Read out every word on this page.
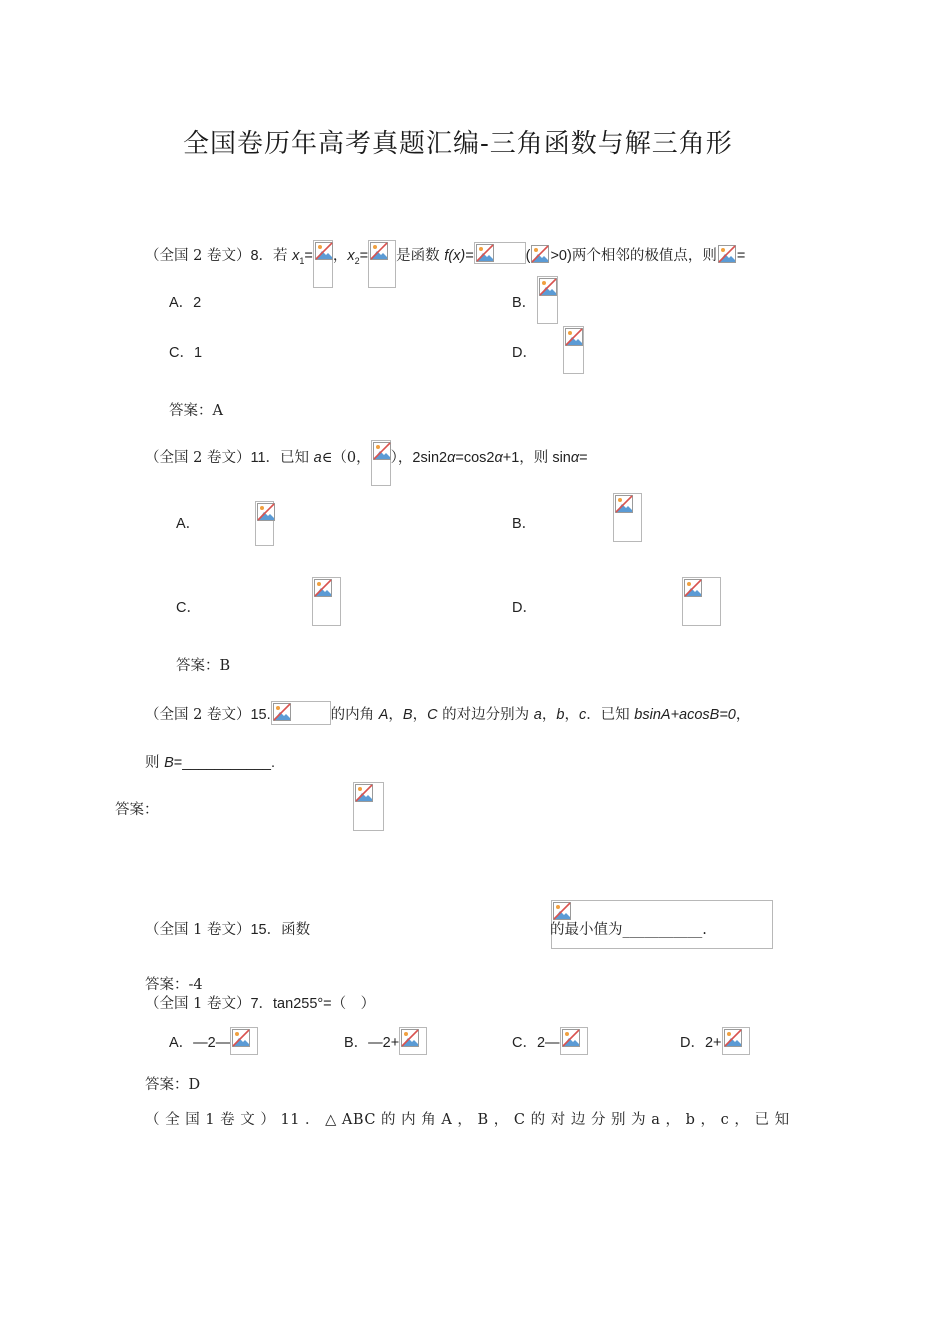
全国卷历年高考真题汇编-三角函数与解三角形
（全国 2 卷文）8．若 $x_1=$ ，$x_2=$ 是函数 f(x)=	( >0)两个相邻的极值点，则 =
A．2	B．

C．1	D．

答案：A
（全国 2 卷文）11．已知 a∈（0， ），2sin2α=cos2α+1，则 sinα=
A．
	B．

C．
	D．

答案：B
（全国 2 卷文）15.	的内角 A，B，C 的对边分别为 a，b，c．已知 bsinA+acosB=0，
则 B=___________.
答案：

（全国 1 卷文）15．函数	的最小值为___________.
答案：-4
（全国 1 卷文）7．tan255°=（　）
A．—2—	B．—2+	C．2—	D．2+
答案：D
（ 全 国 1 卷 文 ） 11 ． △ ABC 的 内 角 A ， B ， C 的 对 边 分 别 为 a ， b ， c ， 已 知
